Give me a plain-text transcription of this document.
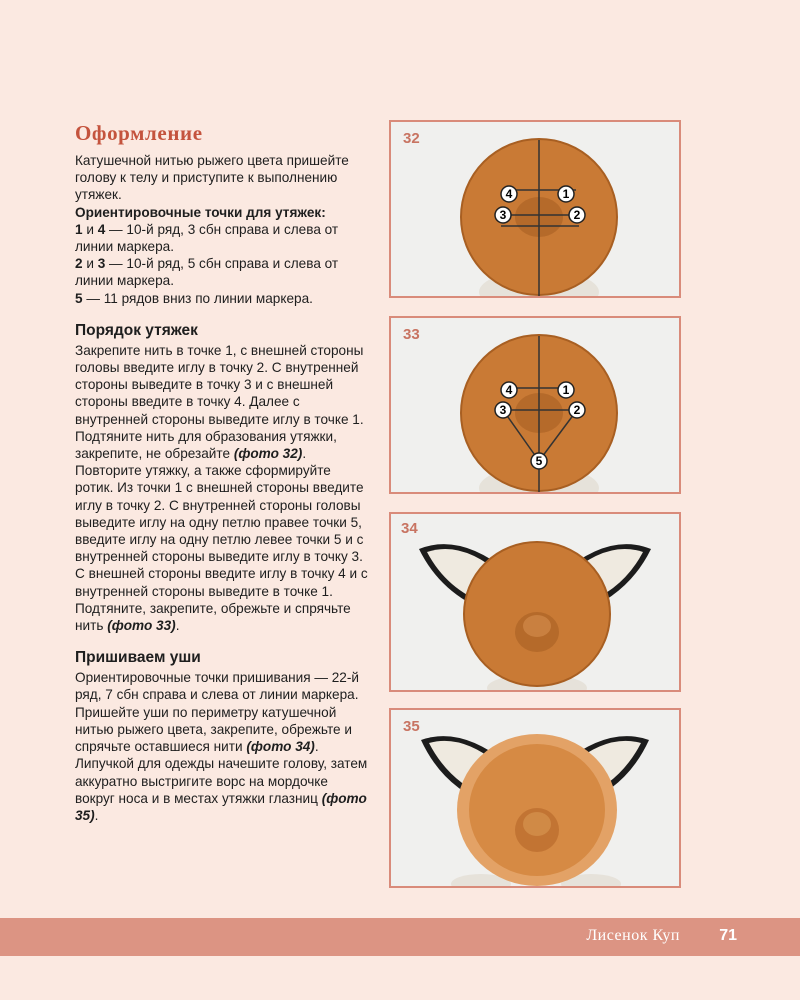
Оформление

Катушечной нитью рыжего цвета пришейте голову к телу и приступите к выполнению утяжек.

Ориентировочные точки для утяжек:

1 и 4 — 10-й ряд, 3 сбн справа и слева от линии маркера.

2 и 3 — 10-й ряд, 5 сбн справа и слева от линии маркера.

5 — 11 рядов вниз по линии маркера.

Порядок утяжек

Закрепите нить в точке 1, с внешней стороны головы введите иглу в точку 2. С внутренней стороны выведите в точку 3 и с внешней стороны введите в точку 4. Далее с внутренней стороны выведите иглу в точке 1. Подтяните нить для образования утяжки, закрепите, не обрезайте (фото 32). Повторите утяжку, а также сформируйте ротик. Из точки 1 с внешней стороны введите иглу в точку 2. С внутренней стороны головы выведите иглу на одну петлю правее точки 5, введите иглу на одну петлю левее точки 5 и с внутренней стороны выведите иглу в точку 3. С внешней стороны введите иглу в точку 4 и с внутренней стороны выведите в точке 1. Подтяните, закрепите, обрежьте и спрячьте нить (фото 33).

Пришиваем уши

Ориентировочные точки пришивания — 22-й ряд, 7 сбн справа и слева от линии маркера. Пришейте уши по периметру катушечной нитью рыжего цвета, закрепите, обрежьте и спрячьте оставшиеся нити (фото 34). Липучкой для одежды начешите голову, затем аккуратно выстригите ворс на мордочке вокруг носа и в местах утяжки глазниц (фото 35).

4	1
3	2
32
4	1
3	2
5
33
34
35
Лисенок Куп 71
